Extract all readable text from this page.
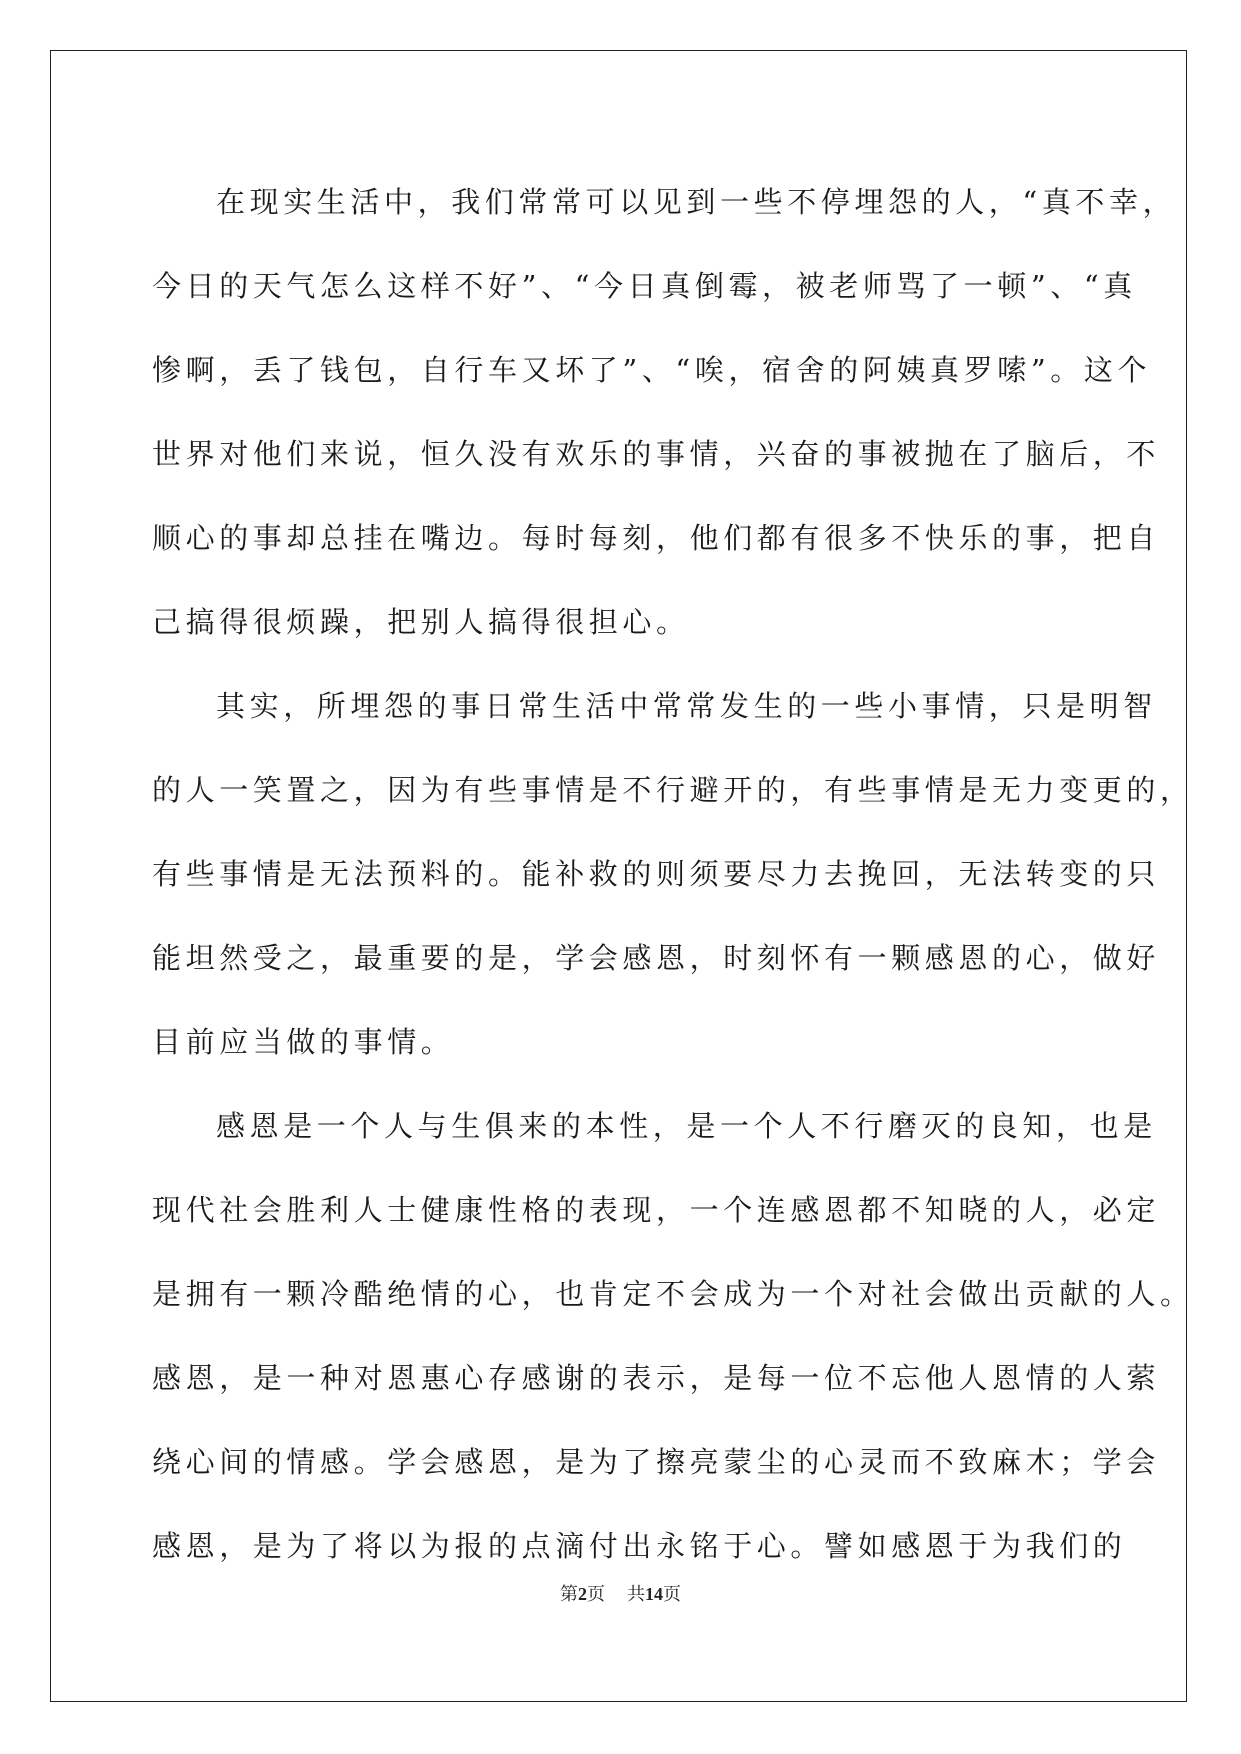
在现实生活中，我们常常可以见到一些不停埋怨的人，“真不幸，
今日的天气怎么这样不好”、“今日真倒霉，被老师骂了一顿”、“真
惨啊，丢了钱包，自行车又坏了”、“唉，宿舍的阿姨真罗嗦”。这个
世界对他们来说，恒久没有欢乐的事情，兴奋的事被抛在了脑后，不
顺心的事却总挂在嘴边。每时每刻，他们都有很多不快乐的事，把自
己搞得很烦躁，把别人搞得很担心。
其实，所埋怨的事日常生活中常常发生的一些小事情，只是明智
的人一笑置之，因为有些事情是不行避开的，有些事情是无力变更的，
有些事情是无法预料的。能补救的则须要尽力去挽回，无法转变的只
能坦然受之，最重要的是，学会感恩，时刻怀有一颗感恩的心，做好
目前应当做的事情。
感恩是一个人与生俱来的本性，是一个人不行磨灭的良知，也是
现代社会胜利人士健康性格的表现，一个连感恩都不知晓的人，必定
是拥有一颗冷酷绝情的心，也肯定不会成为一个对社会做出贡献的人。
感恩，是一种对恩惠心存感谢的表示，是每一位不忘他人恩情的人萦
绕心间的情感。学会感恩，是为了擦亮蒙尘的心灵而不致麻木；学会
感恩，是为了将以为报的点滴付出永铭于心。譬如感恩于为我们的
第2页 共14页
